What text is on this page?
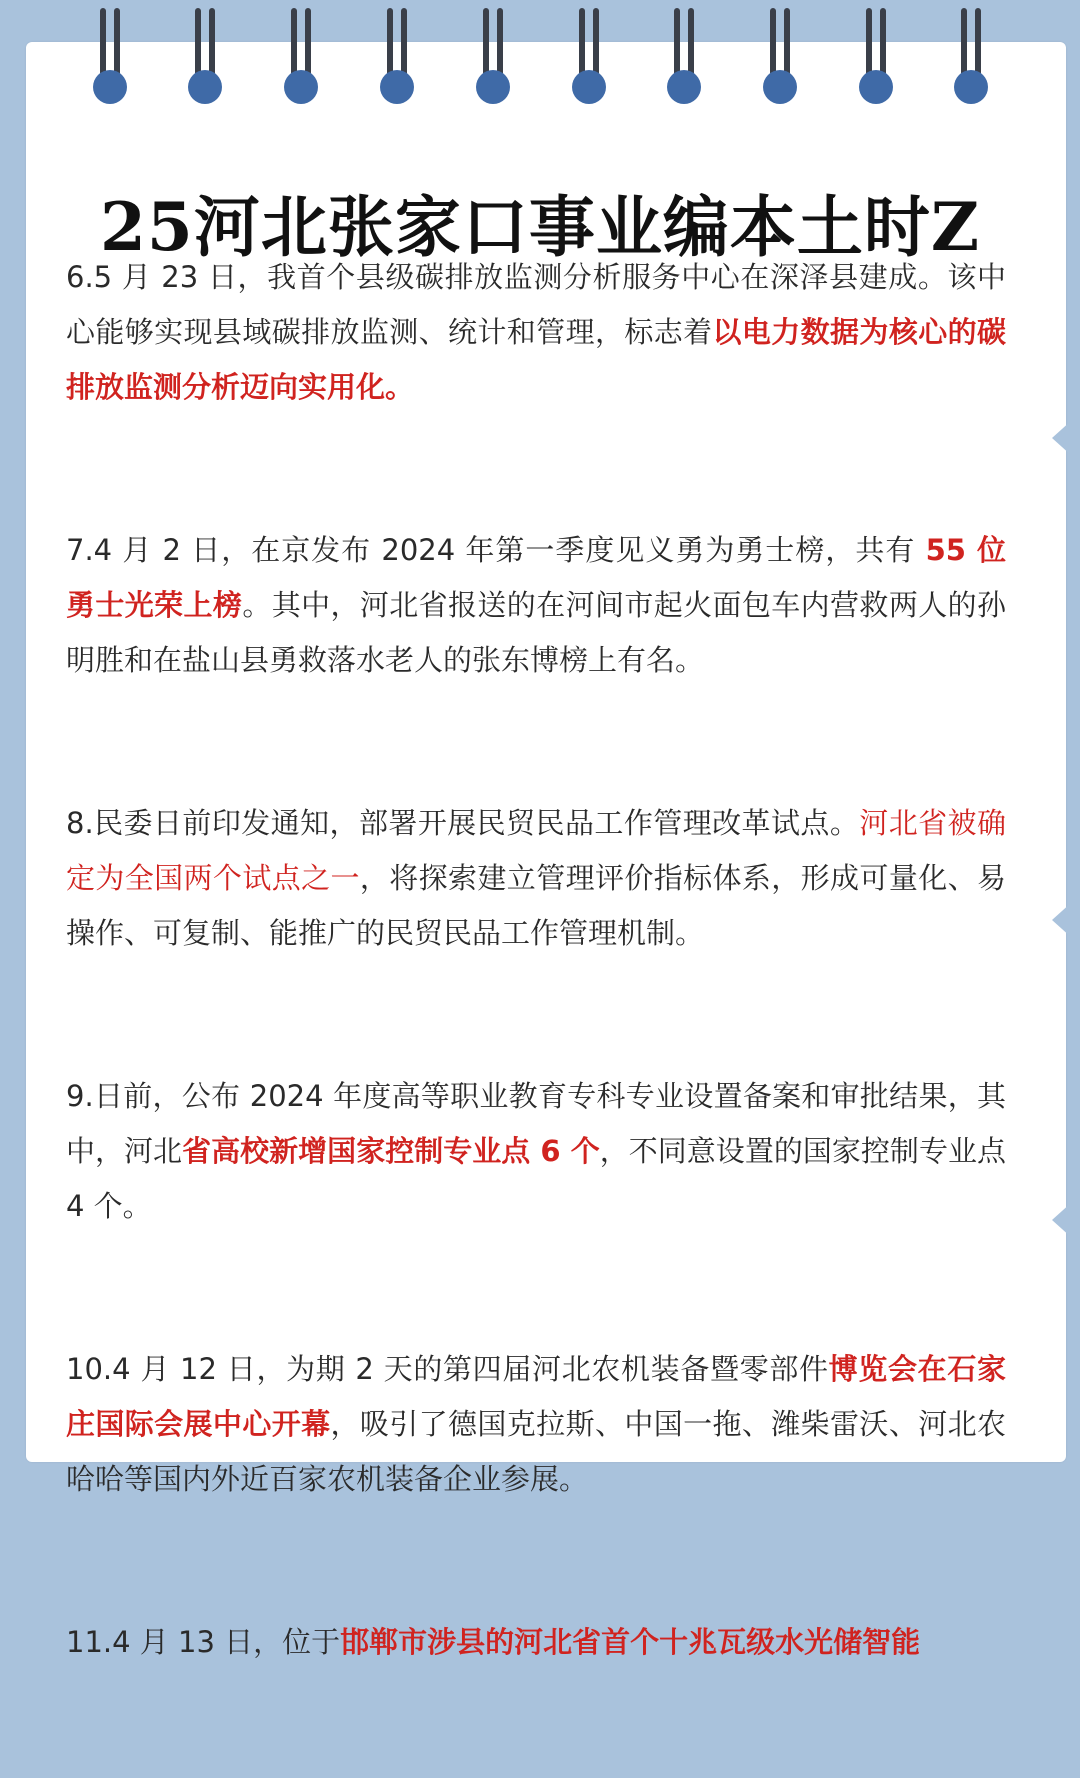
25河北张家口事业编本土时Z

6.5 月 23 日，我首个县级碳排放监测分析服务中心在深泽县建成。该中心能够实现县域碳排放监测、统计和管理，标志着以电力数据为核心的碳排放监测分析迈向实用化。

7.4 月 2 日，在京发布 2024 年第一季度见义勇为勇士榜，共有 55 位勇士光荣上榜。其中，河北省报送的在河间市起火面包车内营救两人的孙明胜和在盐山县勇救落水老人的张东博榜上有名。

8.民委日前印发通知，部署开展民贸民品工作管理改革试点。河北省被确定为全国两个试点之一，将探索建立管理评价指标体系，形成可量化、易操作、可复制、能推广的民贸民品工作管理机制。

9.日前，公布 2024 年度高等职业教育专科专业设置备案和审批结果，其中，河北省高校新增国家控制专业点 6 个，不同意设置的国家控制专业点 4 个。

10.4 月 12 日，为期 2 天的第四届河北农机装备暨零部件博览会在石家庄国际会展中心开幕，吸引了德国克拉斯、中国一拖、潍柴雷沃、河北农哈哈等国内外近百家农机装备企业参展。

11.4 月 13 日，位于邯郸市涉县的河北省首个十兆瓦级水光储智能
